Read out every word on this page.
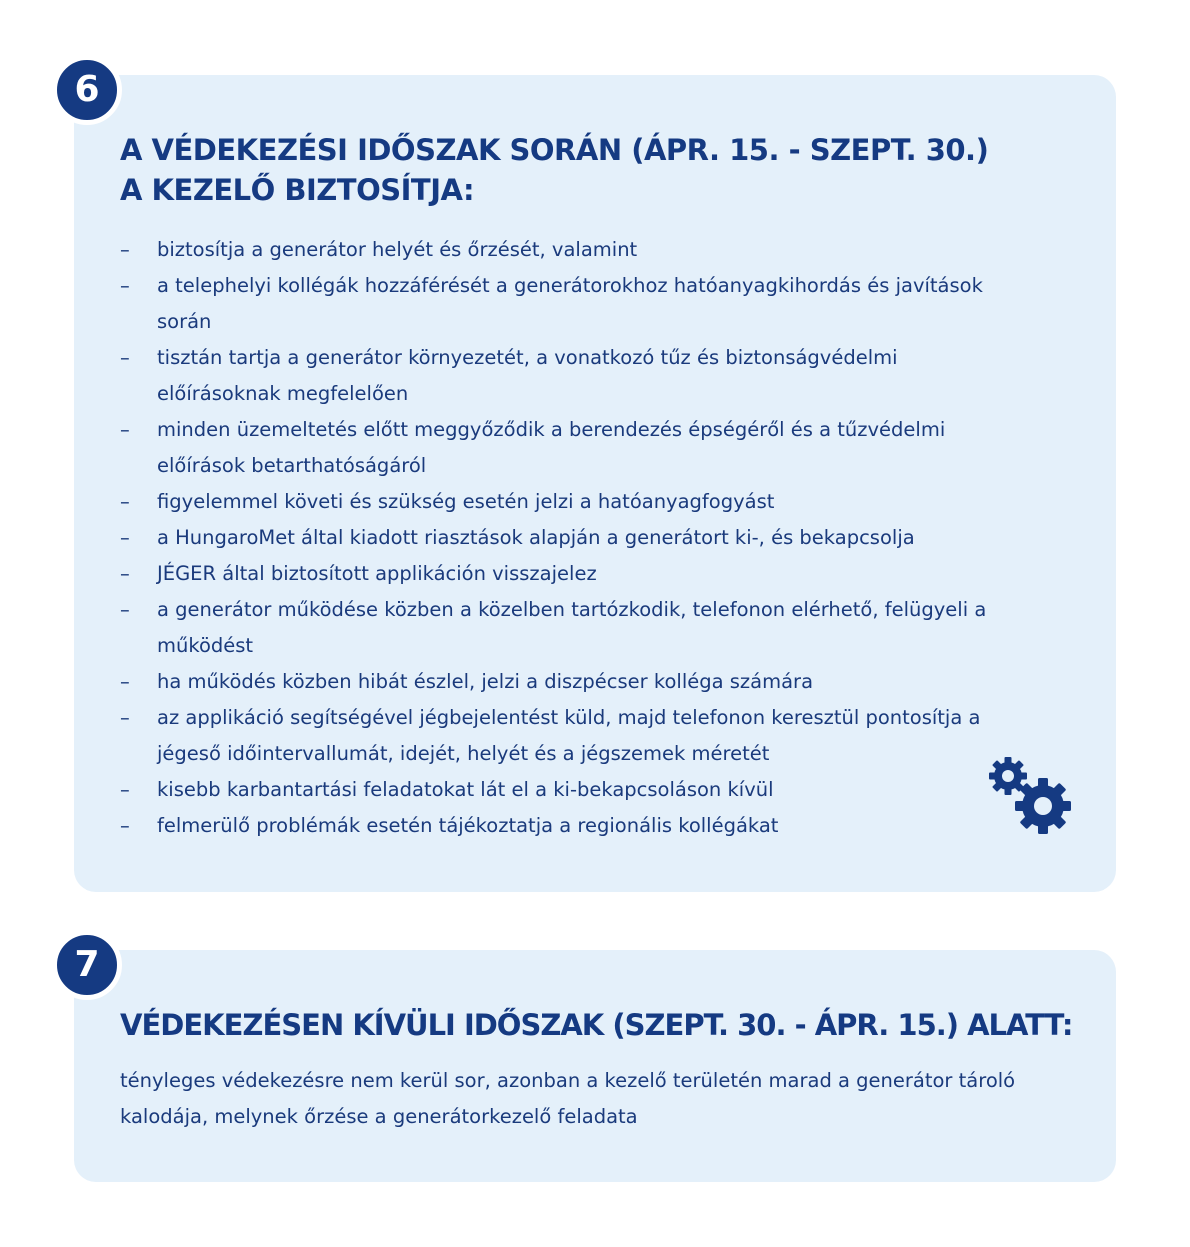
6
A VÉDEKEZÉSI IDŐSZAK SORÁN (ÁPR. 15. - SZEPT. 30.)
A KEZELŐ BIZTOSÍTJA:
– biztosítja a generátor helyét és őrzését, valamint
– a telephelyi kollégák hozzáférését a generátorokhoz hatóanyagkihordás és javítások során
– tisztán tartja a generátor környezetét, a vonatkozó tűz és biztonságvédelmi előírásoknak megfelelően
– minden üzemeltetés előtt meggyőződik a berendezés épségéről és a tűzvédelmi előírások betarthatóságáról
– figyelemmel követi és szükség esetén jelzi a hatóanyagfogyást
– a HungaroMet által kiadott riasztások alapján a generátort ki-, és bekapcsolja
– JÉGER által biztosított applikáción visszajelez
– a generátor működése közben a közelben tartózkodik, telefonon elérhető, felügyeli a működést
– ha működés közben hibát észlel, jelzi a diszpécser kolléga számára
– az applikáció segítségével jégbejelentést küld, majd telefonon keresztül pontosítja a jégeső időintervallumát, idejét, helyét és a jégszemek méretét
– kisebb karbantartási feladatokat lát el a ki-bekapcsoláson kívül
– felmerülő problémák esetén tájékoztatja a regionális kollégákat
7
VÉDEKEZÉSEN KÍVÜLI IDŐSZAK (SZEPT. 30. - ÁPR. 15.) ALATT:

tényleges védekezésre nem kerül sor, azonban a kezelő területén marad a generátor tároló kalodája, melynek őrzése a generátorkezelő feladata
